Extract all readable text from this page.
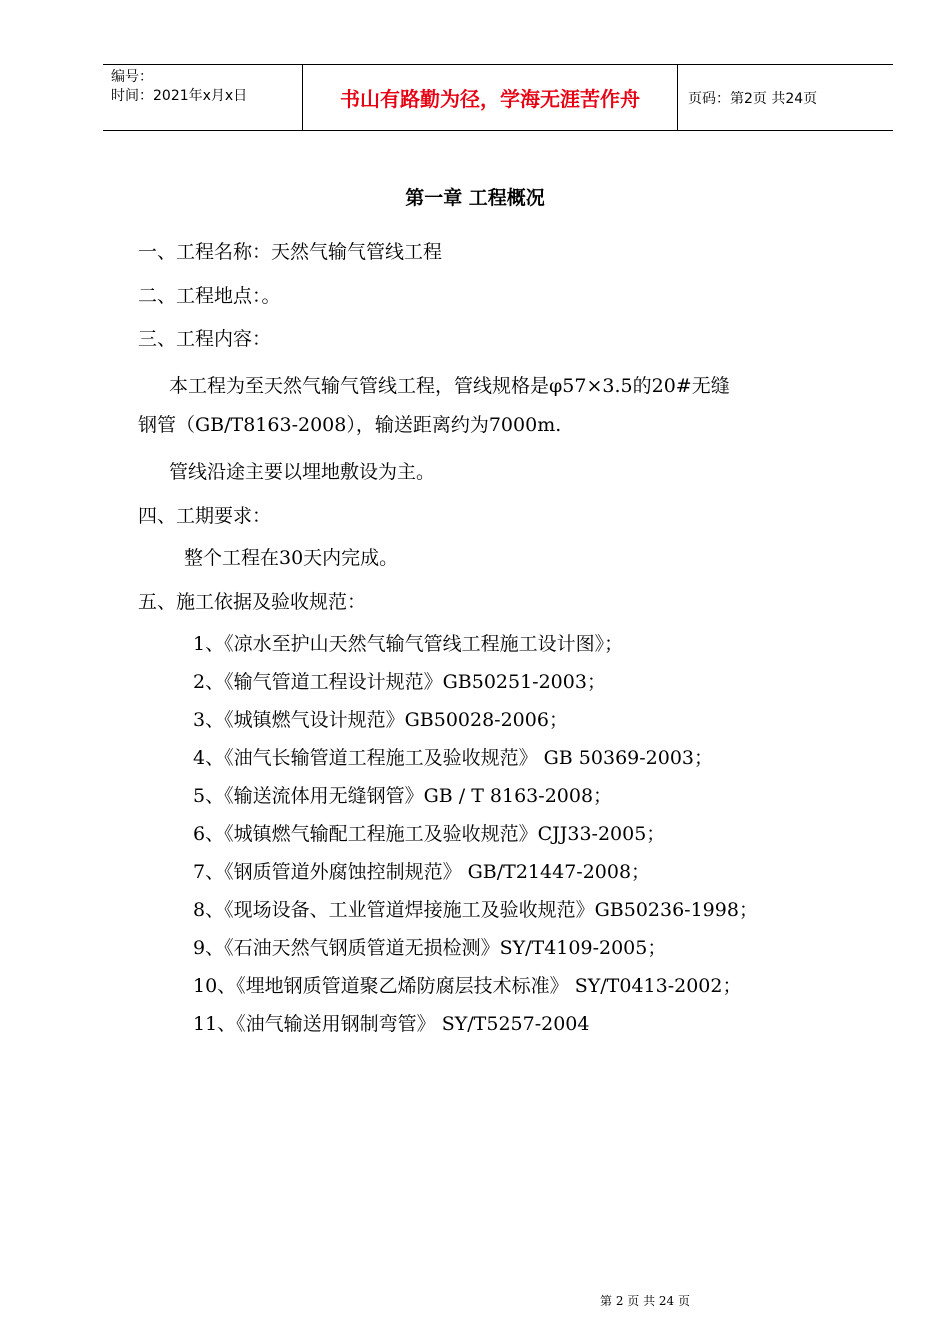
编号：
时间：2021年x月x日	书山有路勤为径，学海无涯苦作舟	页码：第2页 共24页
第一章 工程概况
一、工程名称：天然气输气管线工程
二、工程地点：。
三、工程内容：
本工程为至天然气输气管线工程，管线规格是φ57×3.5的20#无缝
钢管（GB/T8163-2008），输送距离约为7000m.
管线沿途主要以埋地敷设为主。
四、工期要求：
整个工程在30天内完成。
五、施工依据及验收规范：
1、《凉水至护山天然气输气管线工程施工设计图》；
2、《输气管道工程设计规范》GB50251-2003；
3、《城镇燃气设计规范》GB50028-2006；
4、《油气长输管道工程施工及验收规范》 GB 50369-2003；
5、《输送流体用无缝钢管》GB / T 8163-2008；
6、《城镇燃气输配工程施工及验收规范》CJJ33-2005；
7、《钢质管道外腐蚀控制规范》 GB/T21447-2008；
8、《现场设备、工业管道焊接施工及验收规范》GB50236-1998；
9、《石油天然气钢质管道无损检测》SY/T4109-2005；
10、《埋地钢质管道聚乙烯防腐层技术标准》 SY/T0413-2002；
11、《油气输送用钢制弯管》 SY/T5257-2004
第 2 页 共 24 页
